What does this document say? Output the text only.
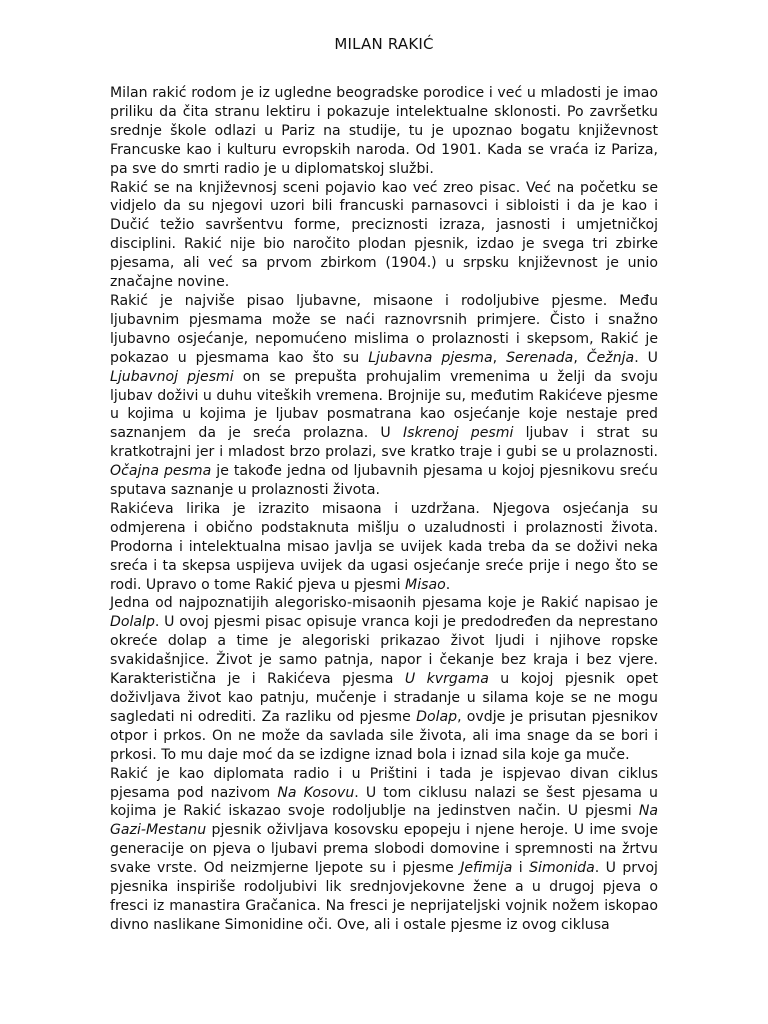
MILAN RAKIĆ

Milan rakić rodom je iz ugledne beogradske porodice i već u mladosti je imao priliku da čita stranu lektiru i pokazuje intelektualne sklonosti. Po završetku srednje škole odlazi u Pariz na studije, tu je upoznao bogatu književnost Francuske kao i kulturu evropskih naroda. Od 1901. Kada se vraća iz Pariza, pa sve do smrti radio je u diplomatskoj službi.

Rakić se na književnosj sceni pojavio kao već zreo pisac. Već na početku se vidjelo da su njegovi uzori bili francuski parnasovci i sibloisti i da je kao i Dučić težio savršentvu forme, preciznosti izraza, jasnosti i umjetničkoj disciplini. Rakić nije bio naročito plodan pjesnik, izdao je svega tri zbirke pjesama, ali već sa prvom zbirkom (1904.) u srpsku književnost je unio značajne novine.

Rakić je najviše pisao ljubavne, misaone i rodoljubive pjesme. Među ljubavnim pjesmama može se naći raznovrsnih primjere. Čisto i snažno ljubavno osjećanje, nepomućeno mislima o prolaznosti i skepsom, Rakić je pokazao u pjesmama kao što su Ljubavna pjesma, Serenada, Čežnja. U Ljubavnoj pjesmi on se prepušta prohujalim vremenima u želji da svoju ljubav doživi u duhu viteških vremena. Brojnije su, međutim Rakićeve pjesme u kojima u kojima je ljubav posmatrana kao osjećanje koje nestaje pred saznanjem da je sreća prolazna. U Iskrenoj pesmi ljubav i strat su kratkotrajni jer i mladost brzo prolazi, sve kratko traje i gubi se u prolaznosti. Očajna pesma je takođe jedna od ljubavnih pjesama u kojoj pjesnikovu sreću sputava saznanje u prolaznosti života.

Rakićeva lirika je izrazito misaona i uzdržana. Njegova osjećanja su odmjerena i obično podstaknuta mišlju o uzaludnosti i prolaznosti života. Prodorna i intelektualna misao javlja se uvijek kada treba da se doživi neka sreća i ta skepsa uspijeva uvijek da ugasi osjećanje sreće prije i nego što se rodi. Upravo o tome Rakić pjeva u pjesmi Misao.

Jedna od najpoznatijih alegorisko-misaonih pjesama koje je Rakić napisao je Dolalp. U ovoj pjesmi pisac opisuje vranca koji je predodređen da neprestano okreće dolap a time je alegoriski prikazao život ljudi i njihove ropske svakidašnjice. Život je samo patnja, napor i čekanje bez kraja i bez vjere. Karakteristična je i Rakićeva pjesma U kvrgama u kojoj pjesnik opet doživljava život kao patnju, mučenje i stradanje u silama koje se ne mogu sagledati ni odrediti. Za razliku od pjesme Dolap, ovdje je prisutan pjesnikov otpor i prkos. On ne može da savlada sile života, ali ima snage da se bori i prkosi. To mu daje moć da se izdigne iznad bola i iznad sila koje ga muče.

Rakić je kao diplomata radio i u Prištini i tada je ispjevao divan ciklus pjesama pod nazivom Na Kosovu. U tom ciklusu nalazi se šest pjesama u kojima je Rakić iskazao svoje rodoljublje na jedinstven način. U pjesmi Na Gazi-Mestanu pjesnik oživljava kosovsku epopeju i njene heroje. U ime svoje generacije on pjeva o ljubavi prema slobodi domovine i spremnosti na žrtvu svake vrste. Od neizmjerne ljepote su i pjesme Jefimija i Simonida. U prvoj pjesnika inspiriše rodoljubivi lik srednjovjekovne žene a u drugoj pjeva o fresci iz manastira Gračanica. Na fresci je neprijateljski vojnik nožem iskopao divno naslikane Simonidine oči. Ove, ali i ostale pjesme iz ovog ciklusa
